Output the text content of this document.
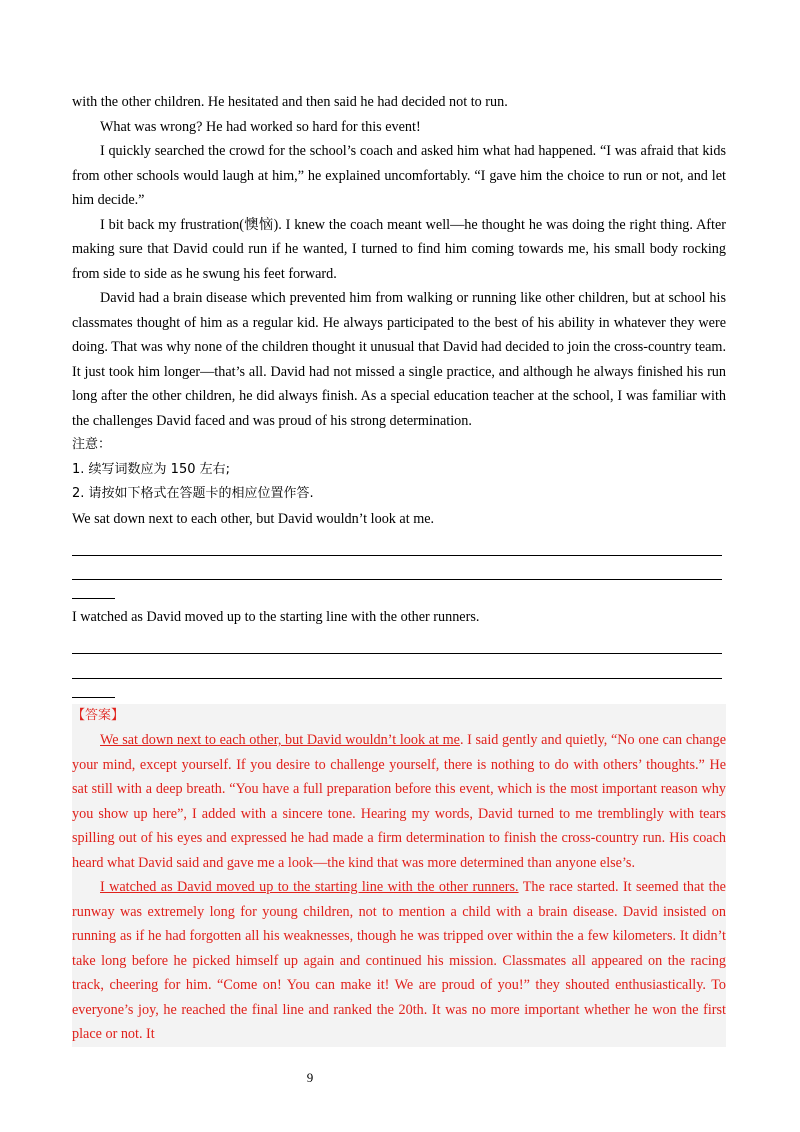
with the other children. He hesitated and then said he had decided not to run.

What was wrong? He had worked so hard for this event!

I quickly searched the crowd for the school’s coach and asked him what had happened. “I was afraid that kids from other schools would laugh at him,” he explained uncomfortably. “I gave him the choice to run or not, and let him decide.”

I bit back my frustration(懊恼). I knew the coach meant well—he thought he was doing the right thing. After making sure that David could run if he wanted, I turned to find him coming towards me, his small body rocking from side to side as he swung his feet forward.

David had a brain disease which prevented him from walking or running like other children, but at school his classmates thought of him as a regular kid. He always participated to the best of his ability in whatever they were doing. That was why none of the children thought it unusual that David had decided to join the cross-country team. It just took him longer—that’s all. David had not missed a single practice, and although he always finished his run long after the other children, he did always finish. As a special education teacher at the school, I was familiar with the challenges David faced and was proud of his strong determination.

注意：

1. 续写词数应为 150 左右;

2. 请按如下格式在答题卡的相应位置作答.

We sat down next to each other, but David wouldn’t look at me.

I watched as David moved up to the starting line with the other runners.

【答案】

We sat down next to each other, but David wouldn’t look at me. I said gently and quietly, “No one can change your mind, except yourself. If you desire to challenge yourself, there is nothing to do with others’ thoughts.” He sat still with a deep breath. “You have a full preparation before this event, which is the most important reason why you show up here”, I added with a sincere tone. Hearing my words, David turned to me tremblingly with tears spilling out of his eyes and expressed he had made a firm determination to finish the cross-country run. His coach heard what David said and gave me a look—the kind that was more determined than anyone else’s.

I watched as David moved up to the starting line with the other runners. The race started. It seemed that the runway was extremely long for young children, not to mention a child with a brain disease. David insisted on running as if he had forgotten all his weaknesses, though he was tripped over within the a few kilometers. It didn’t take long before he picked himself up again and continued his mission. Classmates all appeared on the racing track, cheering for him. “Come on! You can make it! We are proud of you!” they shouted enthusiastically. To everyone’s joy, he reached the final line and ranked the 20th. It was no more important whether he won the first place or not. It

9
